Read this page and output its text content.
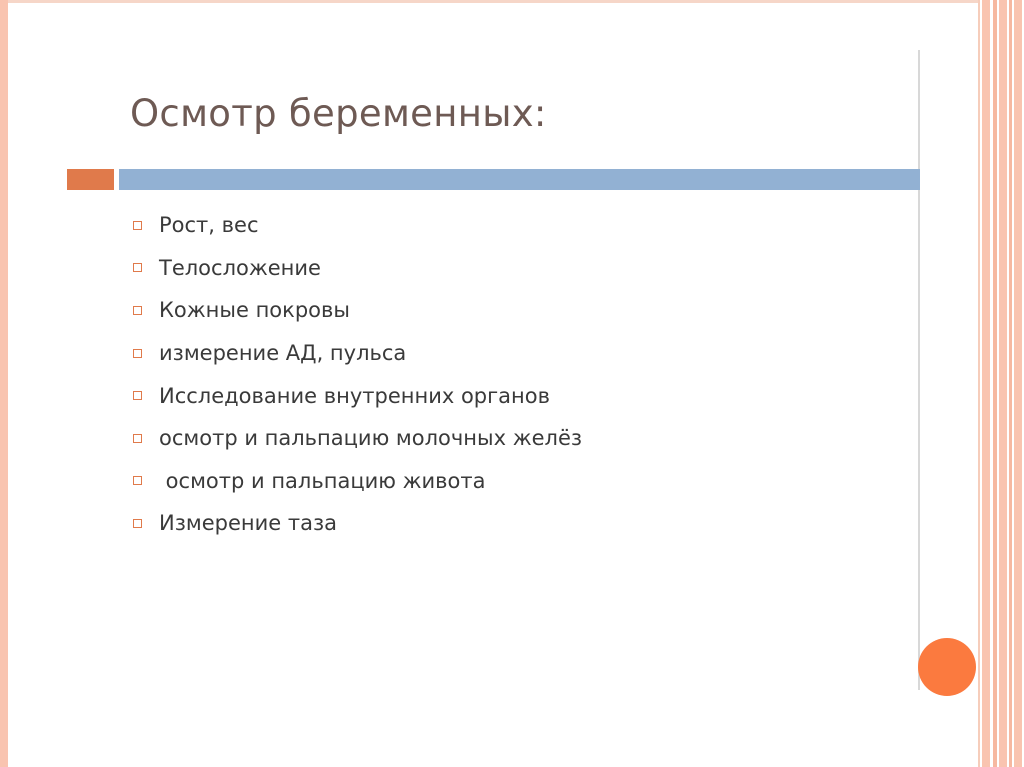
Осмотр беременных:
Рост, вес
Телосложение
Кожные покровы
измерение АД, пульса
Исследование внутренних органов
осмотр и пальпацию молочных желёз
осмотр и пальпацию живота
Измерение таза
